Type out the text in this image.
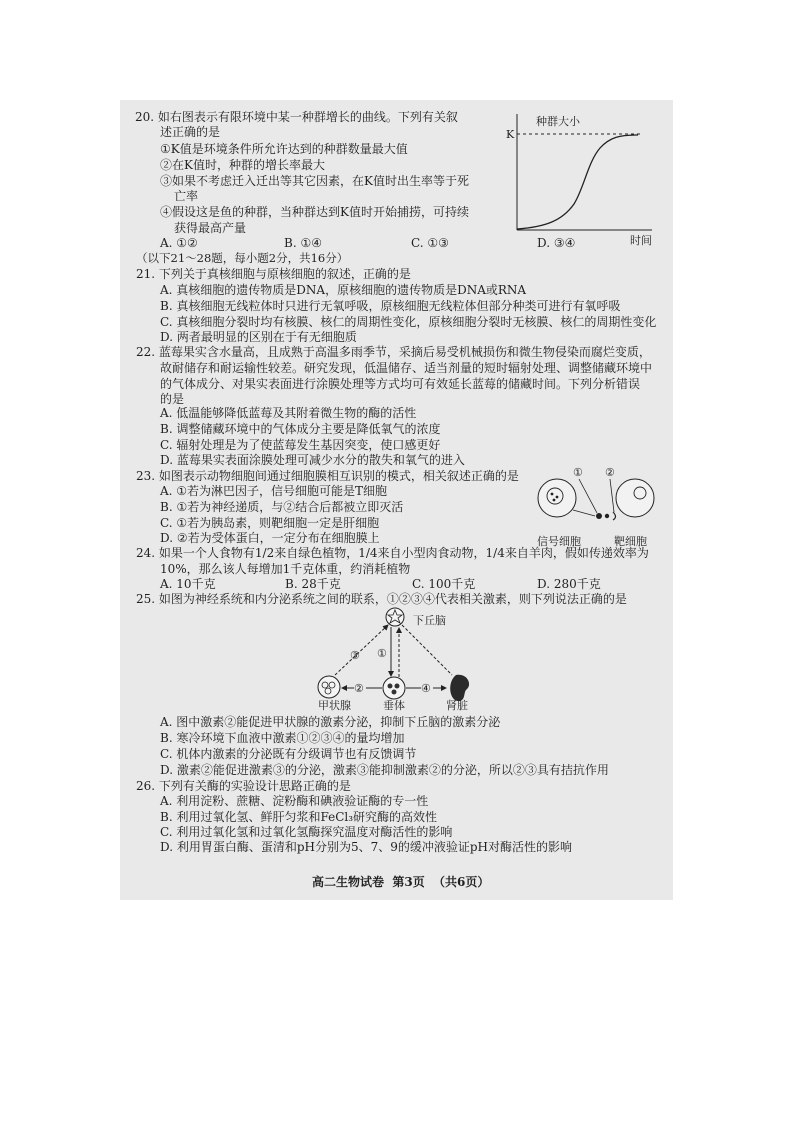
20. 如右图表示有限环境中某一种群增长的曲线。下列有关叙
述正确的是
①K值是环境条件所允许达到的种群数量最大值
②在K值时，种群的增长率最大
③如果不考虑迁入迁出等其它因素，在K值时出生率等于死
亡率
④假设这是鱼的种群，当种群达到K值时开始捕捞，可持续
获得最高产量
A. ①②	B. ①④	C. ①③	D. ③④
种群大小
K
时间
（以下21～28题，每小题2分，共16分）
21. 下列关于真核细胞与原核细胞的叙述，正确的是
A. 真核细胞的遗传物质是DNA，原核细胞的遗传物质是DNA或RNA
B. 真核细胞无线粒体时只进行无氧呼吸，原核细胞无线粒体但部分种类可进行有氧呼吸
C. 真核细胞分裂时均有核膜、核仁的周期性变化，原核细胞分裂时无核膜、核仁的周期性变化
D. 两者最明显的区别在于有无细胞质
22. 蓝莓果实含水量高，且成熟于高温多雨季节，采摘后易受机械损伤和微生物侵染而腐烂变质，
故耐储存和耐运输性较差。研究发现，低温储存、适当剂量的短时辐射处理、调整储藏环境中
的气体成分、对果实表面进行涂膜处理等方式均可有效延长蓝莓的储藏时间。下列分析错误
的是
A. 低温能够降低蓝莓及其附着微生物的酶的活性
B. 调整储藏环境中的气体成分主要是降低氧气的浓度
C. 辐射处理是为了使蓝莓发生基因突变，使口感更好
D. 蓝莓果实表面涂膜处理可减少水分的散失和氧气的进入
23. 如图表示动物细胞间通过细胞膜相互识别的模式，相关叙述正确的是
A. ①若为淋巴因子，信号细胞可能是T细胞
B. ①若为神经递质，与②结合后都被立即灭活
C. ①若为胰岛素，则靶细胞一定是肝细胞
D. ②若为受体蛋白，一定分布在细胞膜上
① ②
信号细胞	靶细胞
24. 如果一个人食物有1/2来自绿色植物，1/4来自小型肉食动物，1/4来自羊肉，假如传递效率为
10%，那么该人每增加1千克体重，约消耗植物
A. 10千克	B. 28千克	C. 100千克	D. 280千克
25. 如图为神经系统和内分泌系统之间的联系，①②③④代表相关激素，则下列说法正确的是
下丘脑
③ ①
甲状腺	垂体
②	④
肾脏
A. 图中激素②能促进甲状腺的激素分泌，抑制下丘脑的激素分泌
B. 寒冷环境下血液中激素①②③④的量均增加
C. 机体内激素的分泌既有分级调节也有反馈调节
D. 激素②能促进激素③的分泌，激素③能抑制激素②的分泌，所以②③具有拮抗作用
26. 下列有关酶的实验设计思路正确的是
A. 利用淀粉、蔗糖、淀粉酶和碘液验证酶的专一性
B. 利用过氧化氢、鲜肝匀浆和FeCl₃研究酶的高效性
C. 利用过氧化氢和过氧化氢酶探究温度对酶活性的影响
D. 利用胃蛋白酶、蛋清和pH分别为5、7、9的缓冲液验证pH对酶活性的影响
高二生物试卷  第3页  （共6页）
